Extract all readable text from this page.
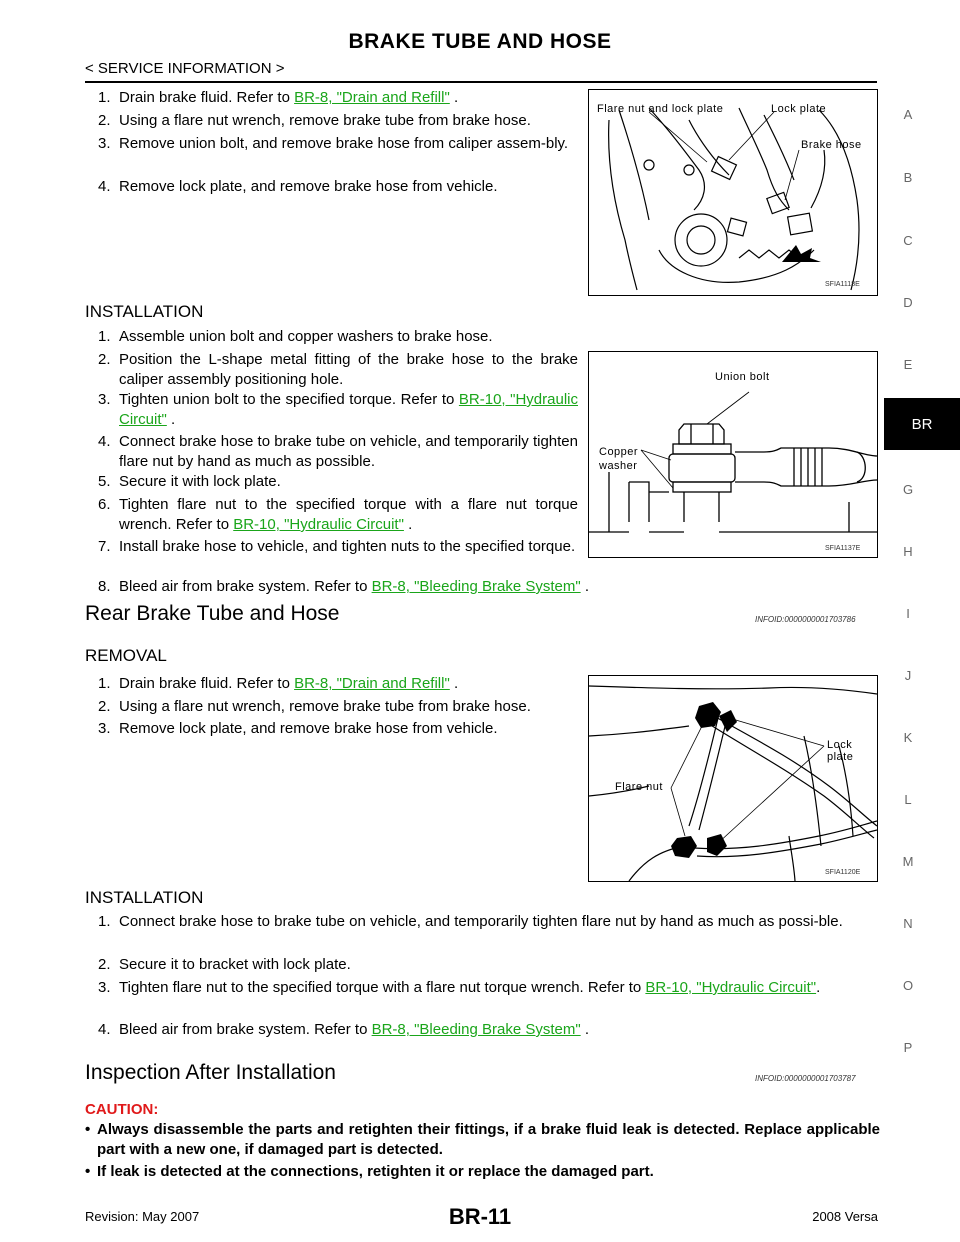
BRAKE TUBE AND HOSE
< SERVICE INFORMATION >
A
B
C
D
E
BR
G
H
I
J
K
L
M
N
O
P
1. Drain brake fluid. Refer to BR-8, "Drain and Refill" .
2. Using a flare nut wrench, remove brake tube from brake hose.
3. Remove union bolt, and remove brake hose from caliper assem-bly.
4. Remove lock plate, and remove brake hose from vehicle.
INSTALLATION
1. Assemble union bolt and copper washers to brake hose.
2. Position the L-shape metal fitting of the brake hose to the brake caliper assembly positioning hole.
3. Tighten union bolt to the specified torque. Refer to BR-10, "Hydraulic Circuit" .
4. Connect brake hose to brake tube on vehicle, and temporarily tighten flare nut by hand as much as possible.
5. Secure it with lock plate.
6. Tighten flare nut to the specified torque with a flare nut torque wrench. Refer to BR-10, "Hydraulic Circuit" .
7. Install brake hose to vehicle, and tighten nuts to the specified torque.
8. Bleed air from brake system. Refer to BR-8, "Bleeding Brake System" .
Rear Brake Tube and Hose	INFOID:0000000001703786
REMOVAL
1. Drain brake fluid. Refer to BR-8, "Drain and Refill" .
2. Using a flare nut wrench, remove brake tube from brake hose.
3. Remove lock plate, and remove brake hose from vehicle.
INSTALLATION
1. Connect brake hose to brake tube on vehicle, and temporarily tighten flare nut by hand as much as possi-ble.
2. Secure it to bracket with lock plate.
3. Tighten flare nut to the specified torque with a flare nut torque wrench. Refer to BR-10, "Hydraulic Circuit".
4. Bleed air from brake system. Refer to BR-8, "Bleeding Brake System" .
Inspection After Installation	INFOID:0000000001703787
CAUTION:
• Always disassemble the parts and retighten their fittings, if a brake fluid leak is detected. Replace applicable part with a new one, if damaged part is detected.
• If leak is detected at the connections, retighten it or replace the damaged part.
Flare nut and lock plate	Lock plate
Brake hose
SFIA1118E
Union bolt
Copper
washer
SFIA1137E
Lock plate
Flare nut
SFIA1120E
Revision: May 2007	BR-11	2008 Versa
